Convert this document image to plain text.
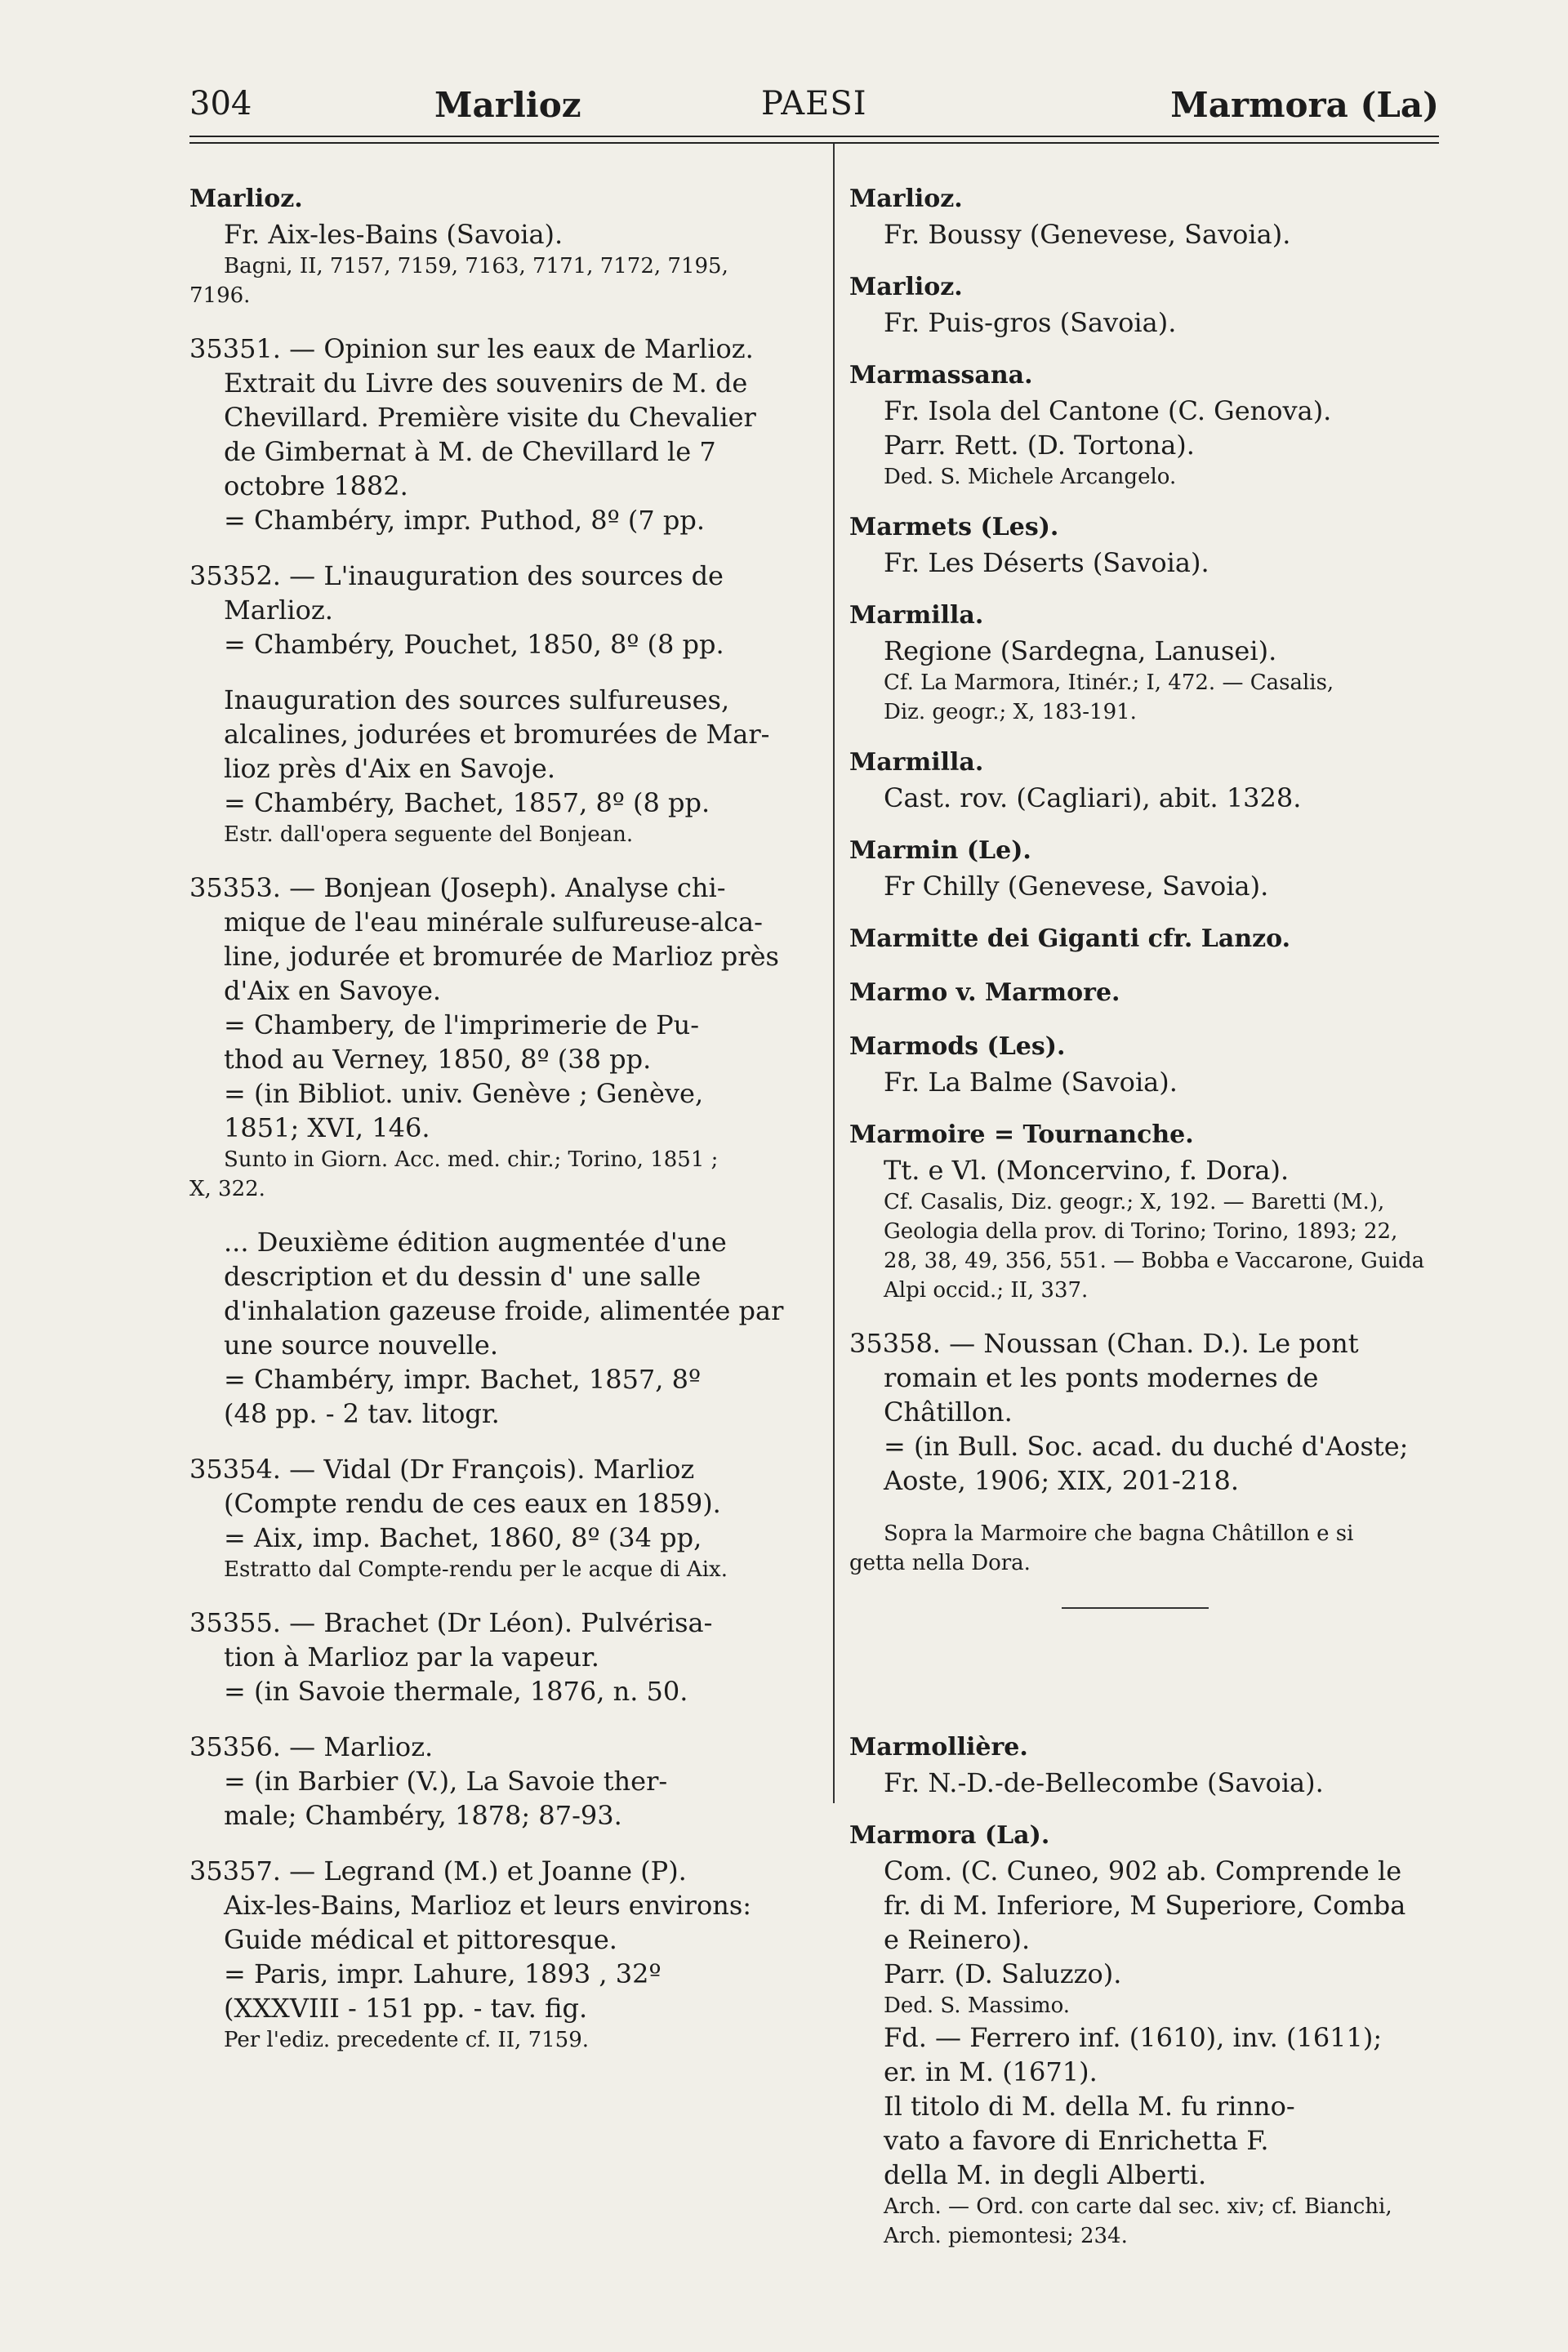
304	Marlioz	PAESI	Marmora (La)
Marlioz.
Fr. Aix-les-Bains (Savoia).
Bagni, II, 7157, 7159, 7163, 7171, 7172, 7195,
7196.
35351. — Opinion sur les eaux de Marlioz.
Extrait du Livre des souvenirs de M. de
Chevillard. Première visite du Chevalier
de Gimbernat à M. de Chevillard le 7
octobre 1882.
= Chambéry, impr. Puthod, 8º (7 pp.
35352. — L'inauguration des sources de
Marlioz.
= Chambéry, Pouchet, 1850, 8º (8 pp.
Inauguration des sources sulfureuses,
alcalines, jodurées et bromurées de Mar-
lioz près d'Aix en Savoje.
= Chambéry, Bachet, 1857, 8º (8 pp.
Estr. dall'opera seguente del Bonjean.
35353. — Bonjean (Joseph). Analyse chi-
mique de l'eau minérale sulfureuse-alca-
line, jodurée et bromurée de Marlioz près
d'Aix en Savoye.
= Chambery, de l'imprimerie de Pu-
thod au Verney, 1850, 8º (38 pp.
= (in Bibliot. univ. Genève ; Genève,
1851; XVI, 146.
Sunto in Giorn. Acc. med. chir.; Torino, 1851 ;
X, 322.
... Deuxième édition augmentée d'une
description et du dessin d' une salle
d'inhalation gazeuse froide, alimentée par
une source nouvelle.
= Chambéry, impr. Bachet, 1857, 8º
(48 pp. - 2 tav. litogr.
35354. — Vidal (Dr François). Marlioz
(Compte rendu de ces eaux en 1859).
= Aix, imp. Bachet, 1860, 8º (34 pp,
Estratto dal Compte-rendu per le acque di Aix.
35355. — Brachet (Dr Léon). Pulvérisa-
tion à Marlioz par la vapeur.
= (in Savoie thermale, 1876, n. 50.
35356. — Marlioz.
= (in Barbier (V.), La Savoie ther-
male; Chambéry, 1878; 87-93.
35357. — Legrand (M.) et Joanne (P).
Aix-les-Bains, Marlioz et leurs environs:
Guide médical et pittoresque.
= Paris, impr. Lahure, 1893 , 32º
(XXXVIII - 151 pp. - tav. fig.
Per l'ediz. precedente cf. II, 7159.
Marlioz.
Fr. Boussy (Genevese, Savoia).
Marlioz.
Fr. Puis-gros (Savoia).
Marmassana.
Fr. Isola del Cantone (C. Genova).
Parr. Rett. (D. Tortona).
Ded. S. Michele Arcangelo.
Marmets (Les).
Fr. Les Déserts (Savoia).
Marmilla.
Regione (Sardegna, Lanusei).
Cf. La Marmora, Itinér.; I, 472. — Casalis,
Diz. geogr.; X, 183-191.
Marmilla.
Cast. rov. (Cagliari), abit. 1328.
Marmin (Le).
Fr Chilly (Genevese, Savoia).
Marmitte dei Giganti cfr. Lanzo.
Marmo v. Marmore.
Marmods (Les).
Fr. La Balme (Savoia).
Marmoire = Tournanche.
Tt. e Vl. (Moncervino, f. Dora).
Cf. Casalis, Diz. geogr.; X, 192. — Baretti (M.),
Geologia della prov. di Torino; Torino, 1893; 22,
28, 38, 49, 356, 551. — Bobba e Vaccarone, Guida
Alpi occid.; II, 337.
35358. — Noussan (Chan. D.). Le pont
romain et les ponts modernes de Châtillon.
= (in Bull. Soc. acad. du duché d'Aoste;
Aoste, 1906; XIX, 201-218.
Sopra la Marmoire che bagna Châtillon e si
getta nella Dora.
Marmollière.
Fr. N.-D.-de-Bellecombe (Savoia).
Marmora (La).
Com. (C. Cuneo, 902 ab. Comprende le
fr. di M. Inferiore, M Superiore, Comba
e Reinero).
Parr. (D. Saluzzo).
Ded. S. Massimo.
Fd. — Ferrero inf. (1610), inv. (1611);
er. in M. (1671).
Il titolo di M. della M. fu rinno-
vato a favore di Enrichetta F.
della M. in degli Alberti.
Arch. — Ord. con carte dal sec. xiv; cf. Bianchi,
Arch. piemontesi; 234.
